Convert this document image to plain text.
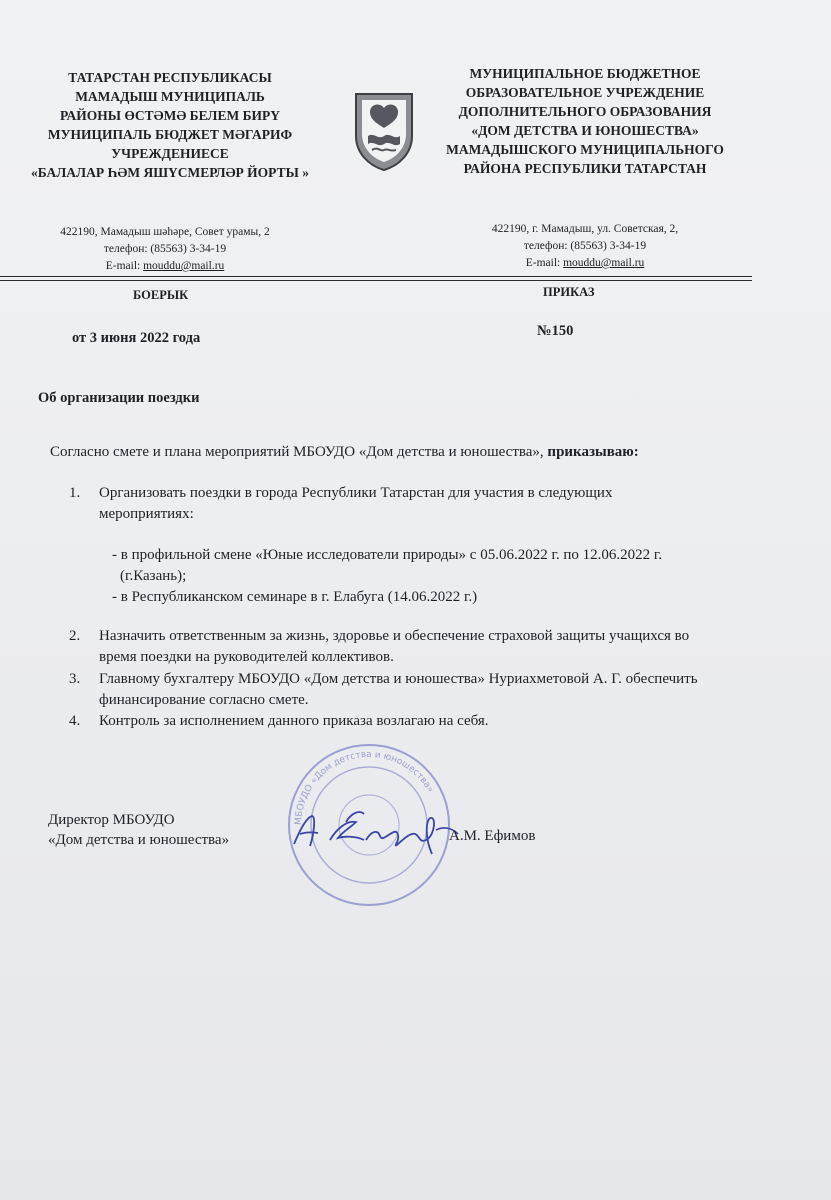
ТАТАРСТАН РЕСПУБЛИКАСЫ
МАМАДЫШ МУНИЦИПАЛЬ
РАЙОНЫ ӨСТӘМӘ БЕЛЕМ БИРҮ
МУНИЦИПАЛЬ БЮДЖЕТ МӘГАРИФ
УЧРЕЖДЕНИЕСЕ
«БАЛАЛАР ҺӘМ ЯШҮСМЕРЛӘР ЙОРТЫ »
МУНИЦИПАЛЬНОЕ БЮДЖЕТНОЕ
ОБРАЗОВАТЕЛЬНОЕ УЧРЕЖДЕНИЕ
ДОПОЛНИТЕЛЬНОГО ОБРАЗОВАНИЯ
«ДОМ ДЕТСТВА И ЮНОШЕСТВА»
МАМАДЫШСКОГО МУНИЦИПАЛЬНОГО
РАЙОНА РЕСПУБЛИКИ ТАТАРСТАН
422190, Мамадыш шәһәре, Совет урамы, 2
телефон: (85563) 3-34-19
E-mail: mouddu@mail.ru
422190, г. Мамадыш, ул. Советская, 2,
телефон: (85563) 3-34-19
E-mail: mouddu@mail.ru
БОЕРЫК	ПРИКАЗ
от 3 июня 2022 года	№150
Об организации поездки
Согласно смете и плана мероприятий МБОУДО «Дом детства и юношества», приказываю:
1. Организовать поездки в города Республики Татарстан для участия в следующих
мероприятиях:
- в профильной смене «Юные исследователи природы» с 05.06.2022 г. по 12.06.2022 г.
(г.Казань);
- в Республиканском семинаре в г. Елабуга (14.06.2022 г.)
2. Назначить ответственным за жизнь, здоровье и обеспечение страховой защиты учащихся во
время поездки на руководителей коллективов.
3. Главному бухгалтеру МБОУДО «Дом детства и юношества» Нуриахметовой А. Г. обеспечить
финансирование согласно смете.
4. Контроль за исполнением данного приказа возлагаю на себя.
МБОУДО «Дом детства и юношества»
Директор МБОУДО
«Дом детства и юношества»	А.М. Ефимов
